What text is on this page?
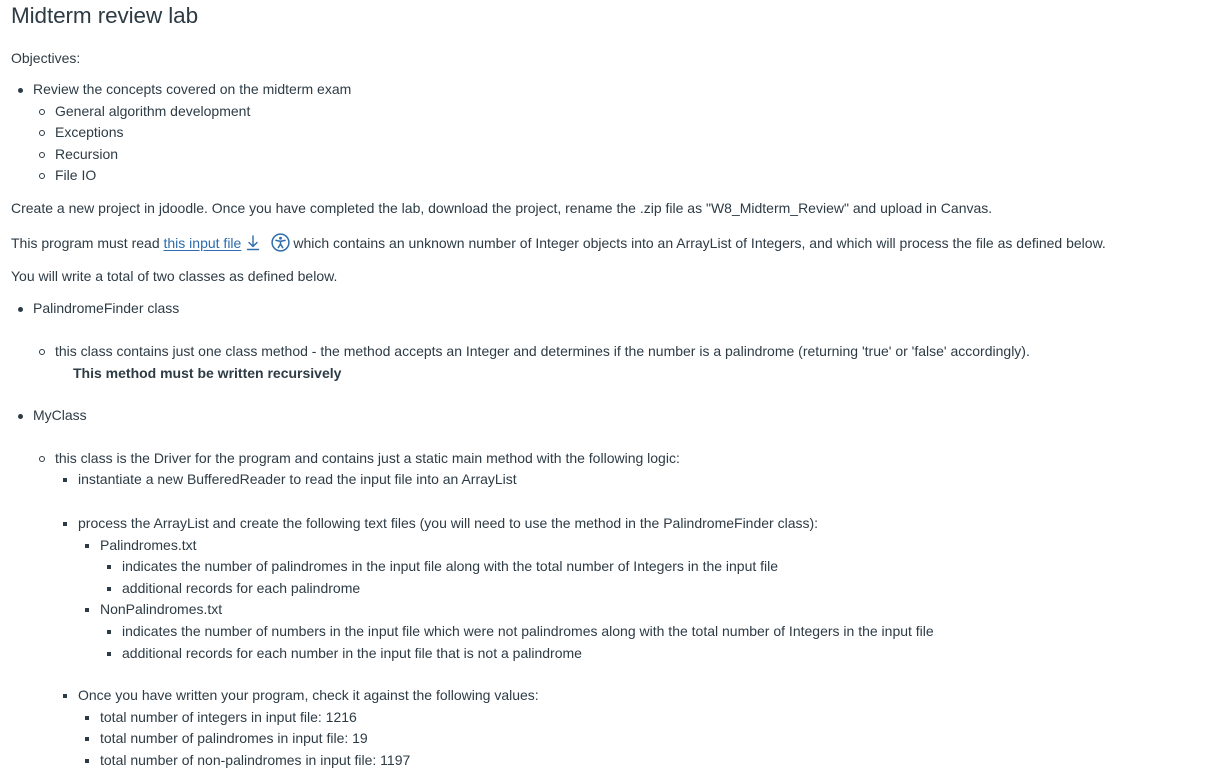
Midterm review lab

Objectives:

Review the concepts covered on the midterm exam
General algorithm development
Exceptions
Recursion
File IO

Create a new project in jdoodle. Once you have completed the lab, download the project, rename the .zip file as "W8_Midterm_Review" and upload in Canvas.

This program must read
this input file	which contains an unknown number of Integer objects into an ArrayList of Integers, and which will process the file as defined below.

You will write a total of two classes as defined below.

PalindromeFinder class
this class contains just one class method - the method accepts an Integer and determines if the number is a palindrome (returning 'true' or 'false' accordingly).
This method must be written recursively
MyClass
this class is the Driver for the program and contains just a static main method with the following logic:
instantiate a new BufferedReader to read the input file into an ArrayList
process the ArrayList and create the following text files (you will need to use the method in the PalindromeFinder class):
Palindromes.txt
indicates the number of palindromes in the input file along with the total number of Integers in the input file
additional records for each palindrome
NonPalindromes.txt
indicates the number of numbers in the input file which were not palindromes along with the total number of Integers in the input file
additional records for each number in the input file that is not a palindrome
Once you have written your program, check it against the following values:
total number of integers in input file: 1216
total number of palindromes in input file: 19
total number of non-palindromes in input file: 1197
